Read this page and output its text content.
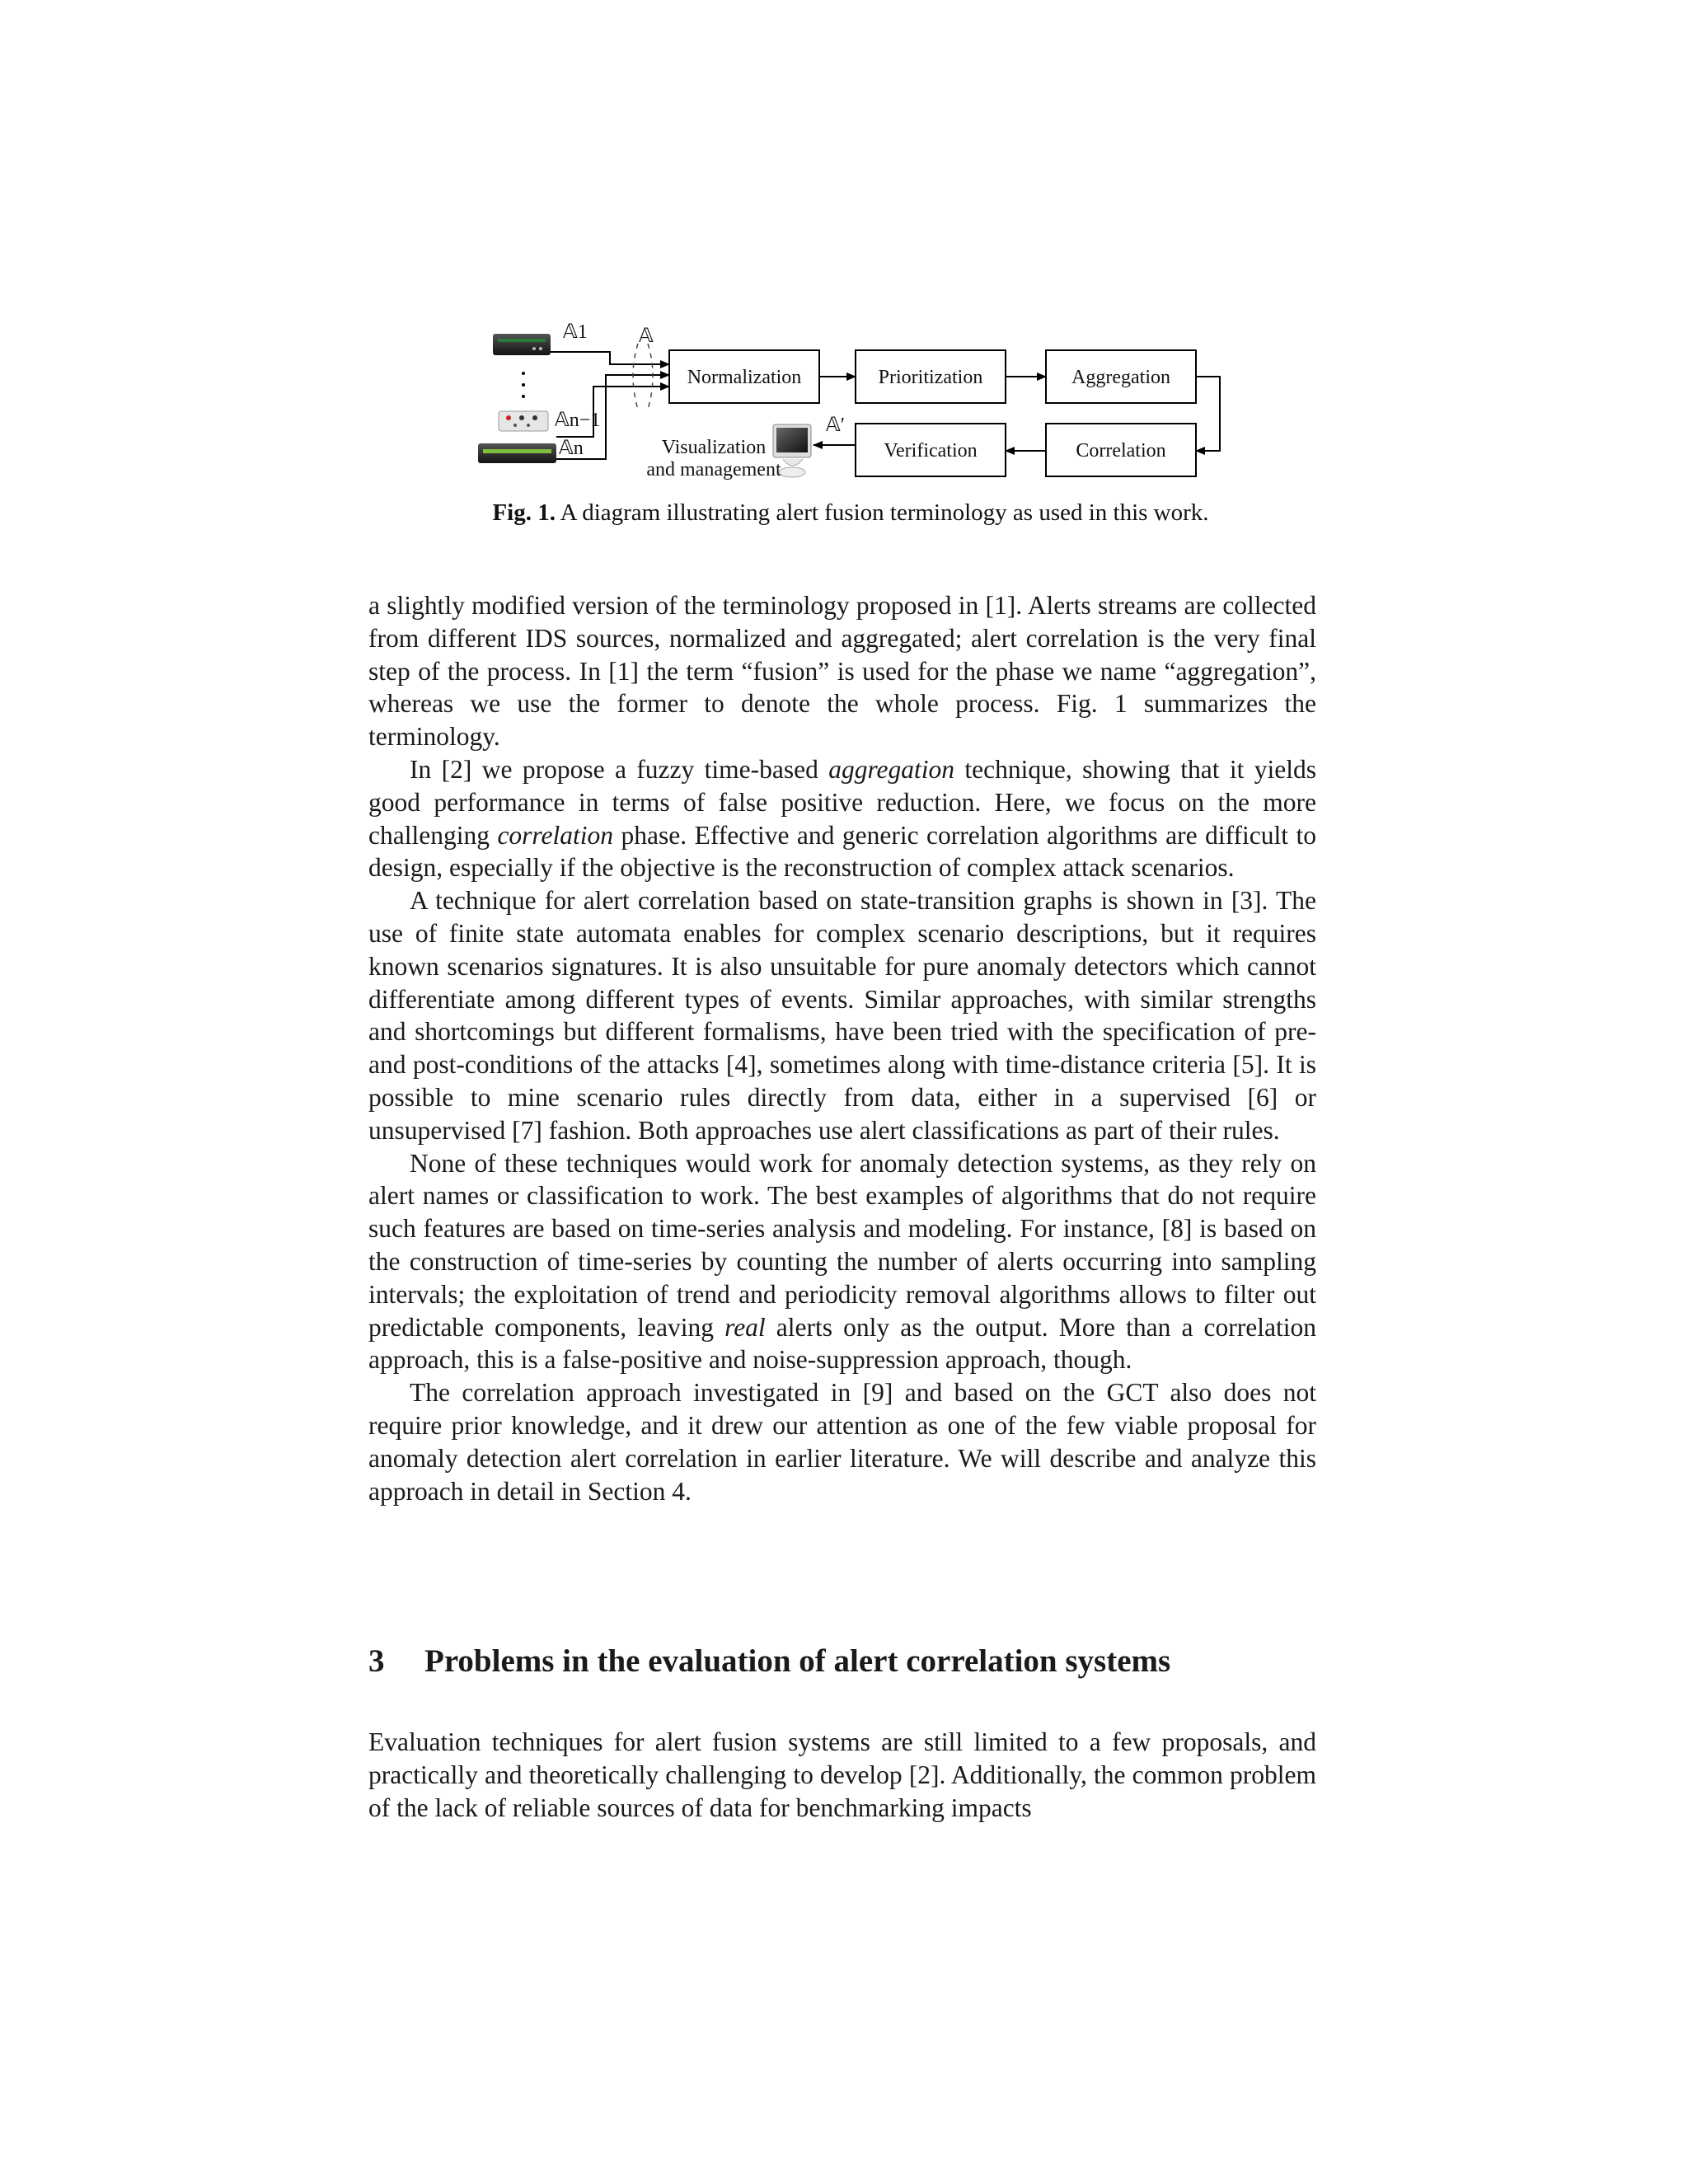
𝔸1
𝔸n−1
𝔸n
𝔸
Normalization	Prioritization	Aggregation
Correlation
Verification
𝔸′
Visualization
and management
Fig. 1. A diagram illustrating alert fusion terminology as used in this work.

a slightly modified version of the terminology proposed in [1]. Alerts streams are collected from different IDS sources, normalized and aggregated; alert correlation is the very final step of the process. In [1] the term “fusion” is used for the phase we name “aggregation”, whereas we use the former to denote the whole process. Fig. 1 summarizes the terminology.

In [2] we propose a fuzzy time-based aggregation technique, showing that it yields good performance in terms of false positive reduction. Here, we focus on the more challenging correlation phase. Effective and generic correlation algorithms are difficult to design, especially if the objective is the reconstruction of complex attack scenarios.

A technique for alert correlation based on state-transition graphs is shown in [3]. The use of finite state automata enables for complex scenario descriptions, but it requires known scenarios signatures. It is also unsuitable for pure anomaly detectors which cannot differentiate among different types of events. Similar approaches, with similar strengths and shortcomings but different formalisms, have been tried with the specification of pre- and post-conditions of the attacks [4], sometimes along with time-distance criteria [5]. It is possible to mine scenario rules directly from data, either in a supervised [6] or unsupervised [7] fashion. Both approaches use alert classifications as part of their rules.

None of these techniques would work for anomaly detection systems, as they rely on alert names or classification to work. The best examples of algorithms that do not require such features are based on time-series analysis and modeling. For instance, [8] is based on the construction of time-series by counting the number of alerts occurring into sampling intervals; the exploitation of trend and periodicity removal algorithms allows to filter out predictable components, leaving real alerts only as the output. More than a correlation approach, this is a false-positive and noise-suppression approach, though.

The correlation approach investigated in [9] and based on the GCT also does not require prior knowledge, and it drew our attention as one of the few viable proposal for anomaly detection alert correlation in earlier literature. We will describe and analyze this approach in detail in Section 4.

3 Problems in the evaluation of alert correlation systems

Evaluation techniques for alert fusion systems are still limited to a few proposals, and practically and theoretically challenging to develop [2]. Additionally, the common problem of the lack of reliable sources of data for benchmarking impacts
